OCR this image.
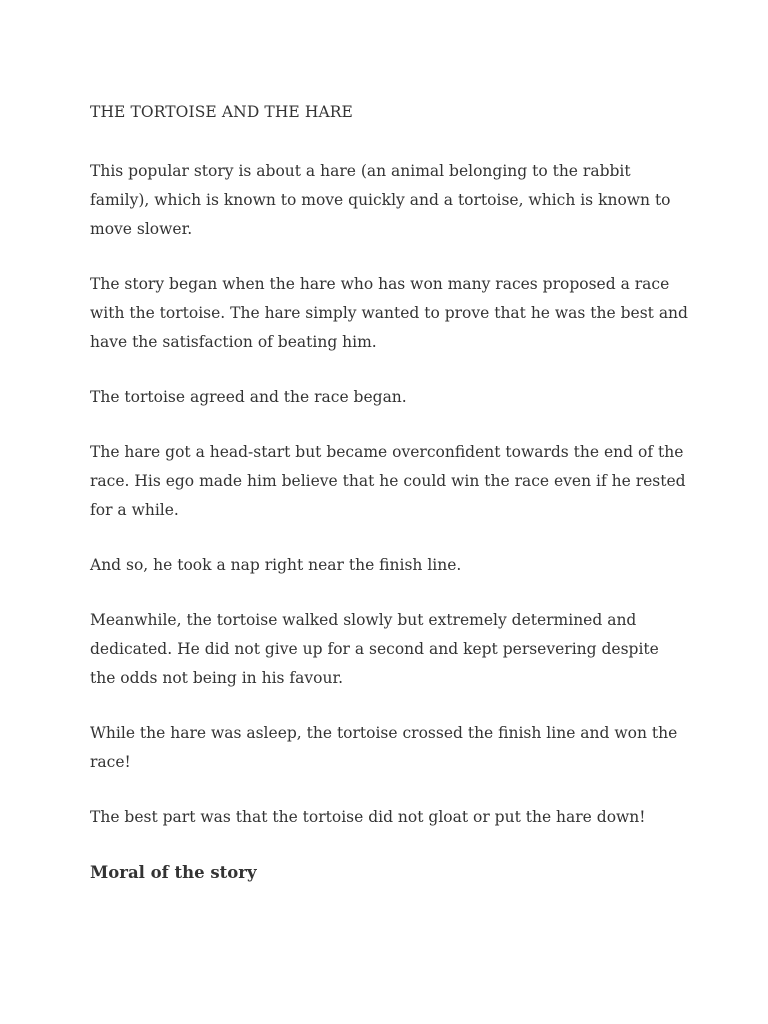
THE TORTOISE AND THE HARE

This popular story is about a hare (an animal belonging to the rabbit family), which is known to move quickly and a tortoise, which is known to move slower.

The story began when the hare who has won many races proposed a race with the tortoise. The hare simply wanted to prove that he was the best and have the satisfaction of beating him.

The tortoise agreed and the race began.

The hare got a head-start but became overconfident towards the end of the race. His ego made him believe that he could win the race even if he rested for a while.

And so, he took a nap right near the finish line.

Meanwhile, the tortoise walked slowly but extremely determined and dedicated. He did not give up for a second and kept persevering despite the odds not being in his favour.

While the hare was asleep, the tortoise crossed the finish line and won the race!

The best part was that the tortoise did not gloat or put the hare down!

Moral of the story
